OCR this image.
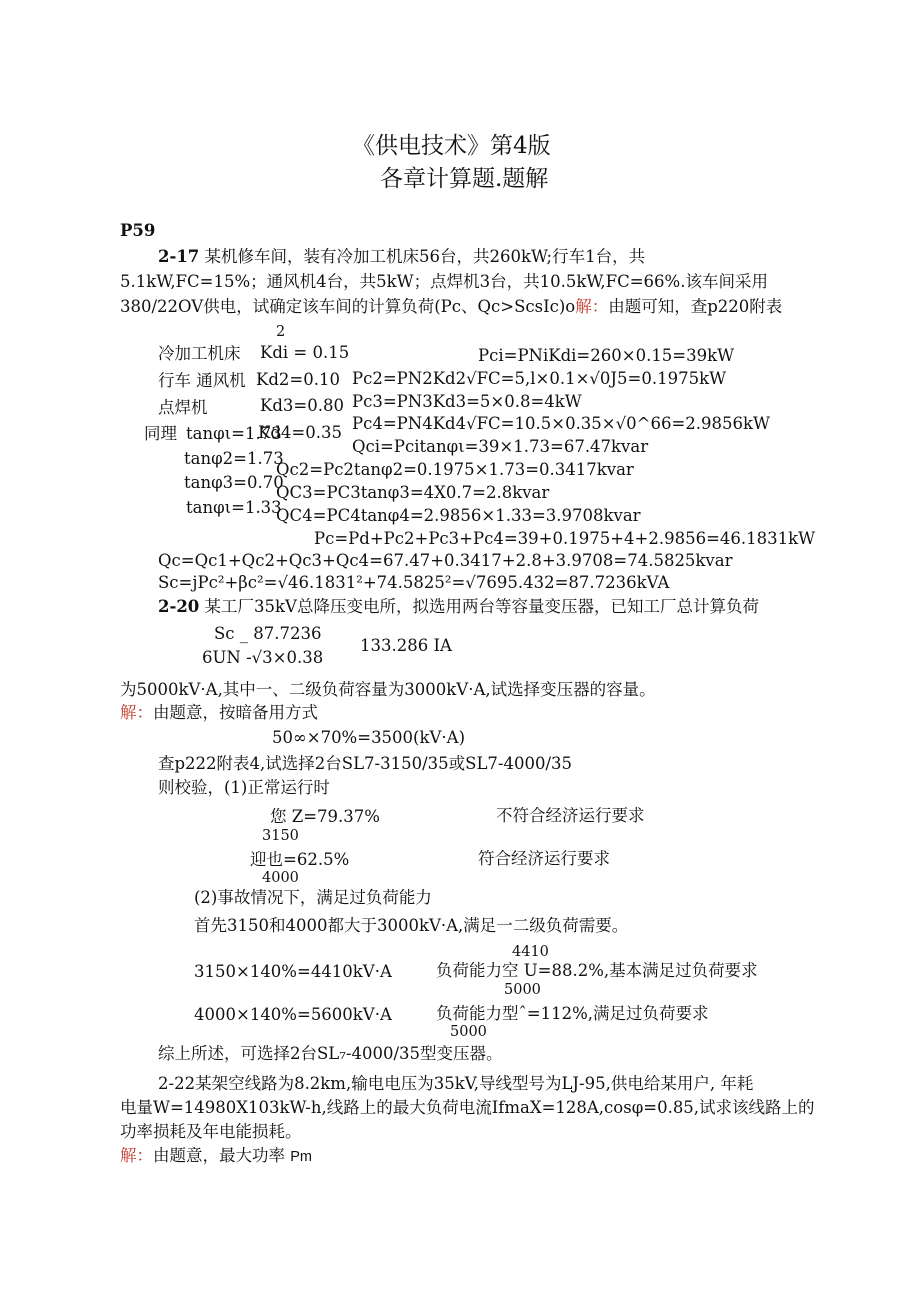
《供电技术》第4版
各章计算题.题解
P59
2-17 某机修车间，装有冷加工机床56台，共260kW;行车1台，共
5.1kW,FC=15%；通风机4台，共5kW；点焊机3台，共10.5kW,FC=66%.该车间采用
380/22OV供电，试确定该车间的计算负荷(Pc、Qc>ScsIc)o解：由题可知，查p220附表
2
冷加工机床
行车 通风机
点焊机
同理
Kdi = 0.15
Kd2=0.10
Kd3=0.80
Kd4=0.35
tanφι=1.73
tanφ2=1.73
tanφ3=0.70
tanφι=1.33
Pci=PNiKdi=260×0.15=39kW
Pc2=PN2Kd2√FC=5,l×0.1×√0J5=0.1975kW
Pc3=PN3Kd3=5×0.8=4kW
Pc4=PN4Kd4√FC=10.5×0.35×√0^66=2.9856kW
Qci=Pcitanφι=39×1.73=67.47kvar
Qc2=Pc2tanφ2=0.1975×1.73=0.3417kvar
QC3=PC3tanφ3=4X0.7=2.8kvar
QC4=PC4tanφ4=2.9856×1.33=3.9708kvar
Pc=Pd+Pc2+Pc3+Pc4=39+0.1975+4+2.9856=46.1831kW
Qc=Qc1+Qc2+Qc3+Qc4=67.47+0.3417+2.8+3.9708=74.5825kvar
Sc=jPc²+βc²=√46.1831²+74.5825²=√7695.432=87.7236kVA
2-20 某工厂35kV总降压变电所，拟选用两台等容量变压器，已知工厂总计算负荷
Sc _ 87.7236
6UN -√3×0.38
133.286 IA
为5000kV·A,其中一、二级负荷容量为3000kV·A,试选择变压器的容量。
解：由题意，按暗备用方式
50∞×70%=3500(kV·A)
查p222附表4,试选择2台SL7-3150/35或SL7-4000/35
则校验，(1)正常运行时
您 Z=79.37%
3150
不符合经济运行要求
迎也=62.5%
4000
符合经济运行要求
(2)事故情况下，满足过负荷能力
首先3150和4000都大于3000kV·A,满足一二级负荷需要。
4410
3150×140%=4410kV·A	负荷能力空 U=88.2%,基本满足过负荷要求
5000
4000×140%=5600kV·A	负荷能力型ˆ=112%,满足过负荷要求
5000
综上所述，可选择2台SL₇-4000/35型变压器。
2-22某架空线路为8.2km,输电电压为35kV,导线型号为LJ-95,供电给某用户, 年耗
电量W=14980X103kW-h,线路上的最大负荷电流IfmaX=128A,cosφ=0.85,试求该线路上的
功率损耗及年电能损耗。
解：由题意，最大功率 Pm
